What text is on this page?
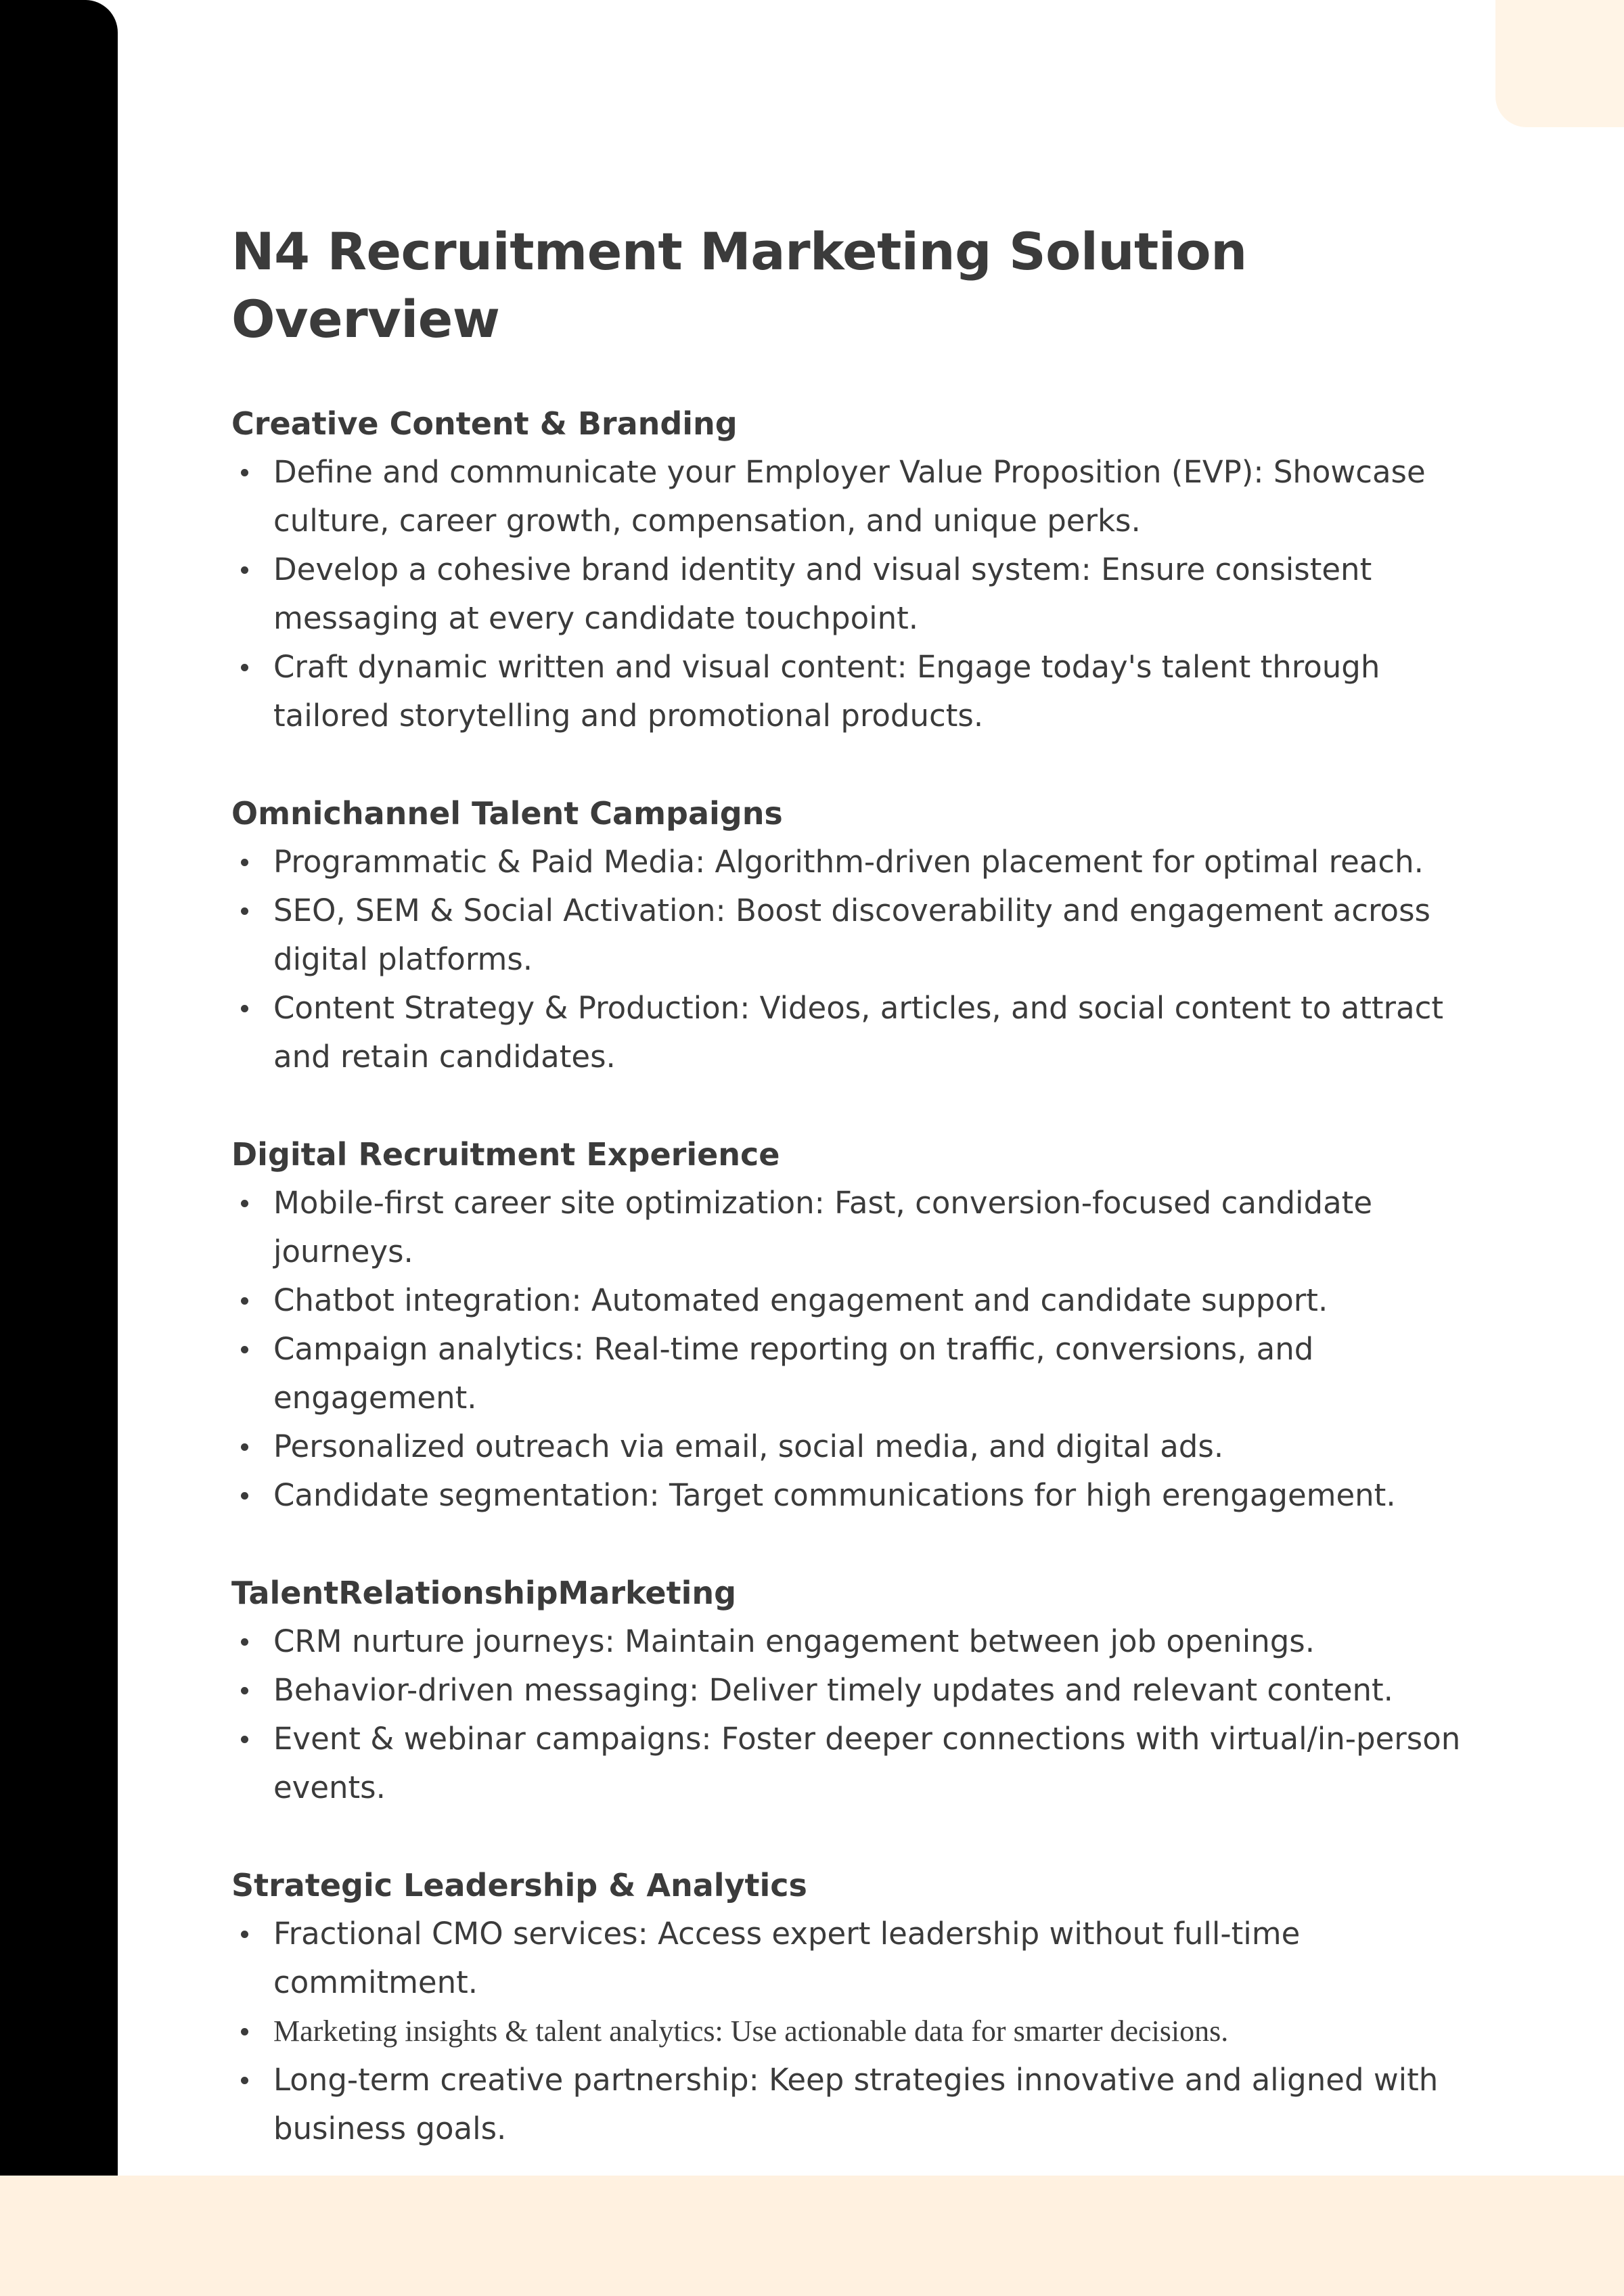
N4 Recruitment Marketing Solution Overview
Creative Content & Branding
Define and communicate your Employer Value Proposition (EVP): Showcase culture, career growth, compensation, and unique perks.
Develop a cohesive brand identity and visual system: Ensure consistent messaging at every candidate touchpoint.
Craft dynamic written and visual content: Engage today's talent through tailored storytelling and promotional products.
Omnichannel Talent Campaigns
Programmatic & Paid Media: Algorithm-driven placement for optimal reach.
SEO, SEM & Social Activation: Boost discoverability and engagement across digital platforms.
Content Strategy & Production: Videos, articles, and social content to attract and retain candidates.
Digital Recruitment Experience
Mobile-first career site optimization: Fast, conversion-focused candidate journeys.
Chatbot integration: Automated engagement and candidate support.
Campaign analytics: Real-time reporting on traffic, conversions, and engagement.
Personalized outreach via email, social media, and digital ads.
Candidate segmentation: Target communications for high erengagement.
TalentRelationshipMarketing
CRM nurture journeys: Maintain engagement between job openings.
Behavior-driven messaging: Deliver timely updates and relevant content.
Event & webinar campaigns: Foster deeper connections with virtual/in-person events.
Strategic Leadership & Analytics
Fractional CMO services: Access expert leadership without full-time commitment.
Marketing insights & talent analytics: Use actionable data for smarter decisions.
Long-term creative partnership: Keep strategies innovative and aligned with business goals.
